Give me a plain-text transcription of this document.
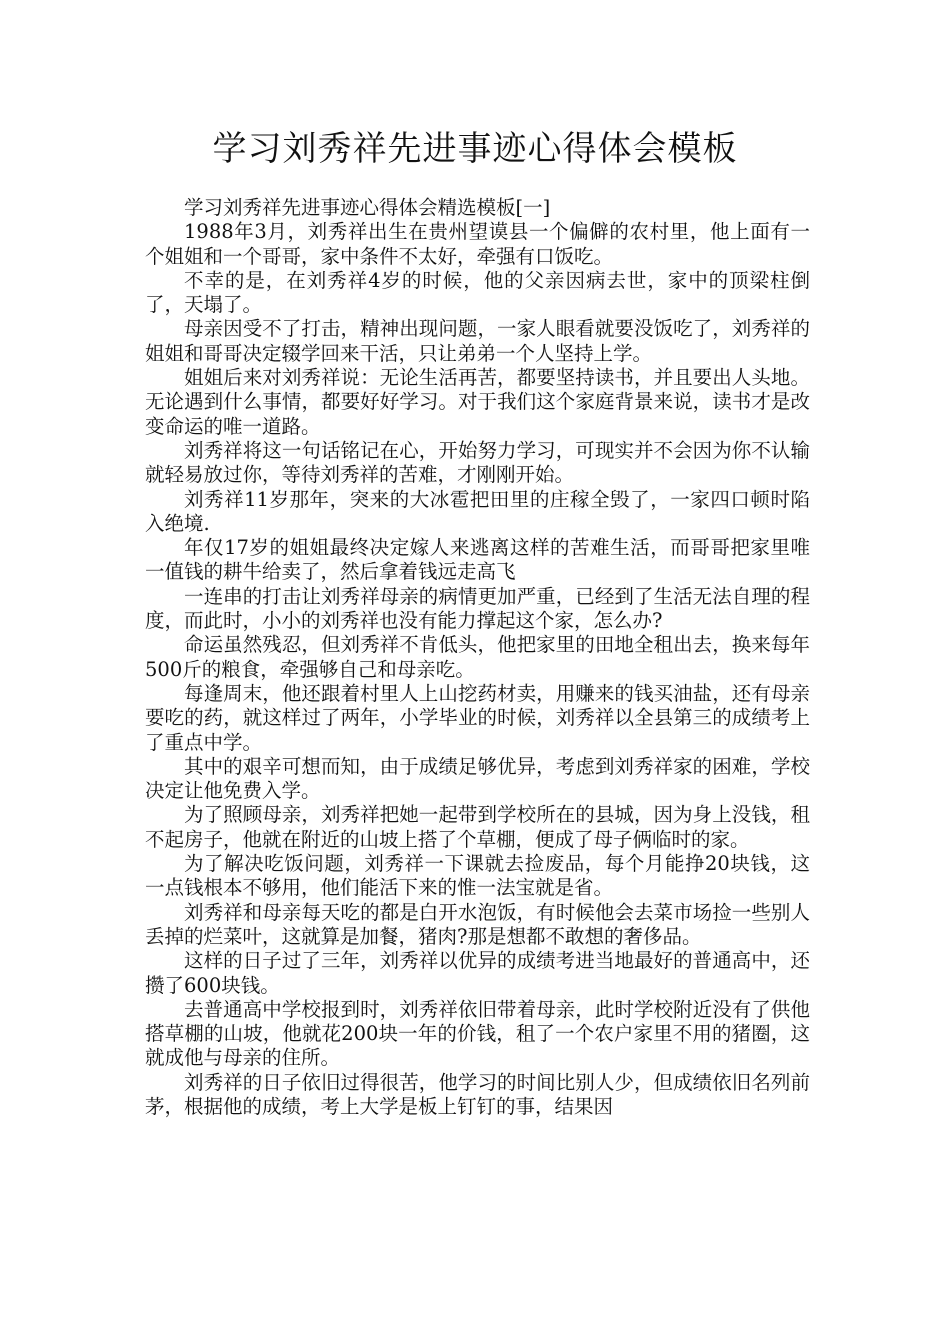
学习刘秀祥先进事迹心得体会模板

学习刘秀祥先进事迹心得体会精选模板[一]

1988年3月，刘秀祥出生在贵州望谟县一个偏僻的农村里，他上面有一个姐姐和一个哥哥，家中条件不太好，牵强有口饭吃。

不幸的是，在刘秀祥4岁的时候，他的父亲因病去世，家中的顶梁柱倒了，天塌了。

母亲因受不了打击，精神出现问题，一家人眼看就要没饭吃了，刘秀祥的姐姐和哥哥决定辍学回来干活，只让弟弟一个人坚持上学。

姐姐后来对刘秀祥说：无论生活再苦，都要坚持读书，并且要出人头地。无论遇到什么事情，都要好好学习。对于我们这个家庭背景来说，读书才是改变命运的唯一道路。

刘秀祥将这一句话铭记在心，开始努力学习，可现实并不会因为你不认输就轻易放过你，等待刘秀祥的苦难，才刚刚开始。

刘秀祥11岁那年，突来的大冰雹把田里的庄稼全毁了，一家四口顿时陷入绝境.

年仅17岁的姐姐最终决定嫁人来逃离这样的苦难生活，而哥哥把家里唯一值钱的耕牛给卖了，然后拿着钱远走高飞

一连串的打击让刘秀祥母亲的病情更加严重，已经到了生活无法自理的程度，而此时，小小的刘秀祥也没有能力撑起这个家，怎么办?

命运虽然残忍，但刘秀祥不肯低头，他把家里的田地全租出去，换来每年500斤的粮食，牵强够自己和母亲吃。

每逢周末，他还跟着村里人上山挖药材卖，用赚来的钱买油盐，还有母亲要吃的药，就这样过了两年，小学毕业的时候，刘秀祥以全县第三的成绩考上了重点中学。

其中的艰辛可想而知，由于成绩足够优异，考虑到刘秀祥家的困难，学校决定让他免费入学。

为了照顾母亲，刘秀祥把她一起带到学校所在的县城，因为身上没钱，租不起房子，他就在附近的山坡上搭了个草棚，便成了母子俩临时的家。

为了解决吃饭问题，刘秀祥一下课就去捡废品，每个月能挣20块钱，这一点钱根本不够用，他们能活下来的惟一法宝就是省。

刘秀祥和母亲每天吃的都是白开水泡饭，有时候他会去菜市场捡一些别人丢掉的烂菜叶，这就算是加餐，猪肉?那是想都不敢想的奢侈品。

这样的日子过了三年，刘秀祥以优异的成绩考进当地最好的普通高中，还攒了600块钱。

去普通高中学校报到时，刘秀祥依旧带着母亲，此时学校附近没有了供他搭草棚的山坡，他就花200块一年的价钱，租了一个农户家里不用的猪圈，这就成他与母亲的住所。

刘秀祥的日子依旧过得很苦，他学习的时间比别人少，但成绩依旧名列前茅，根据他的成绩，考上大学是板上钉钉的事，结果因
